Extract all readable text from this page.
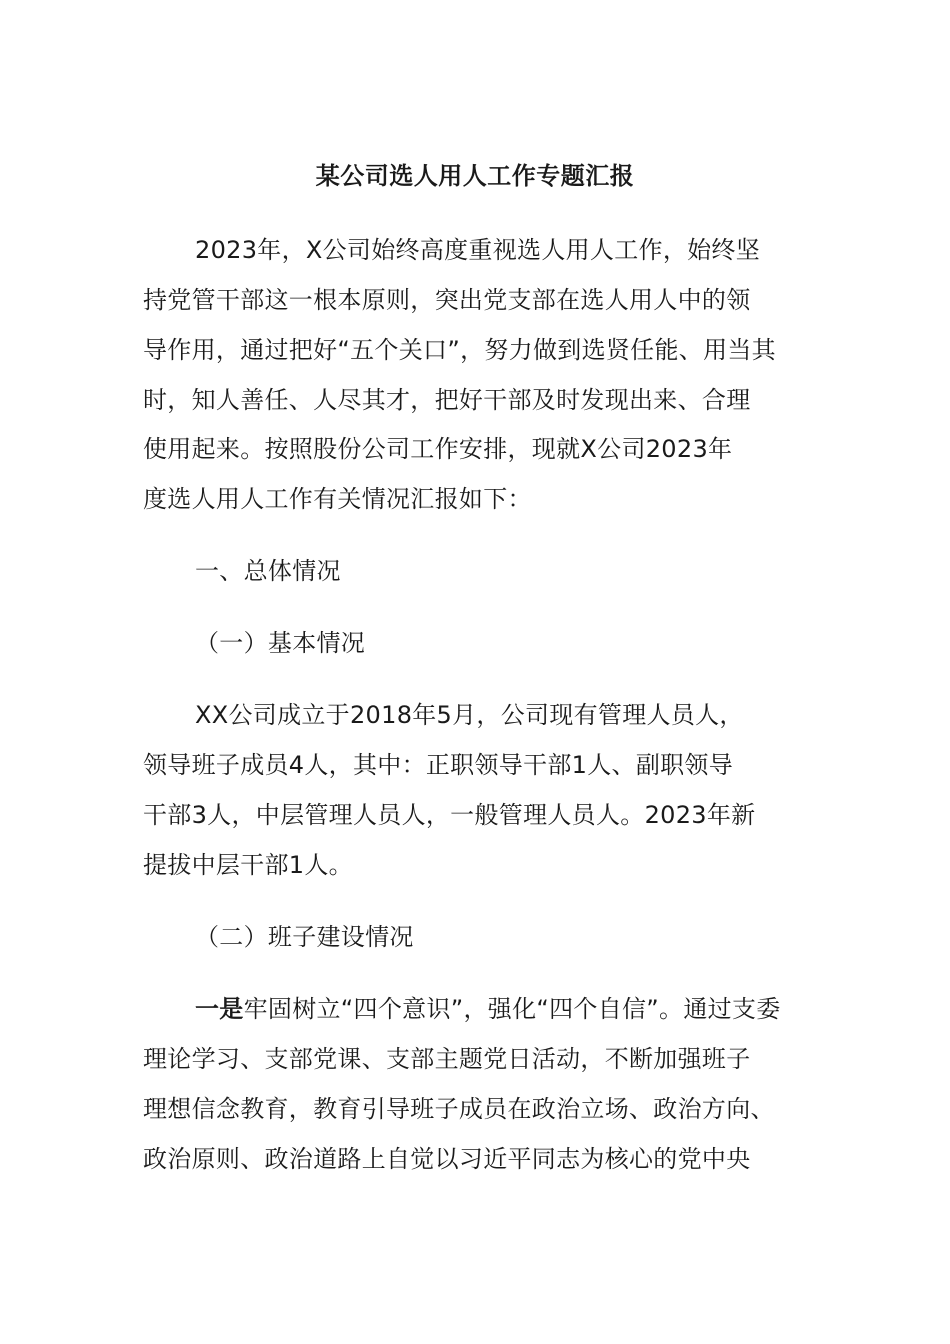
某公司选人用人工作专题汇报
2023年，X公司始终高度重视选人用人工作，始终坚
持党管干部这一根本原则，突出党支部在选人用人中的领
导作用，通过把好“五个关口”，努力做到选贤任能、用当其
时，知人善任、人尽其才，把好干部及时发现出来、合理
使用起来。按照股份公司工作安排，现就X公司2023年
度选人用人工作有关情况汇报如下：
一、总体情况
（一）基本情况
XX公司成立于2018年5月，公司现有管理人员人，
领导班子成员4人，其中：正职领导干部1人、副职领导
干部3人，中层管理人员人，一般管理人员人。2023年新
提拔中层干部1人。
（二）班子建设情况
一是牢固树立“四个意识”，强化“四个自信”。通过支委
理论学习、支部党课、支部主题党日活动，不断加强班子
理想信念教育，教育引导班子成员在政治立场、政治方向、
政治原则、政治道路上自觉以习近平同志为核心的党中央
